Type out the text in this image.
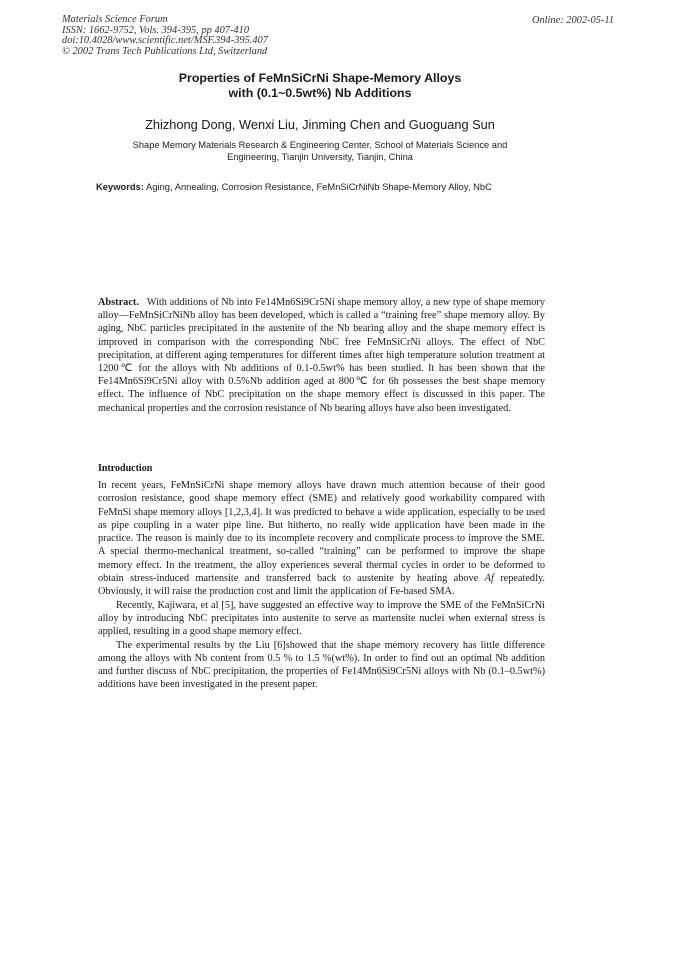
Materials Science Forum
ISSN: 1662-9752, Vols. 394-395, pp 407-410
doi:10.4028/www.scientific.net/MSF.394-395.407
© 2002 Trans Tech Publications Ltd, Switzerland
Online: 2002-05-11
Properties of FeMnSiCrNi Shape-Memory Alloys
with (0.1~0.5wt%) Nb Additions
Zhizhong Dong, Wenxi Liu, Jinming Chen and Guoguang Sun
Shape Memory Materials Research & Engineering Center, School of Materials Science and
Engineering, Tianjin University, Tianjin, China
Keywords: Aging, Annealing, Corrosion Resistance, FeMnSiCrNiNb Shape-Memory Alloy, NbC
Abstract. With additions of Nb into Fe14Mn6Si9Cr5Ni shape memory alloy, a new type of shape memory alloy—FeMnSiCrNiNb alloy has been developed, which is called a “training free” shape memory alloy. By aging, NbC particles precipitated in the austenite of the Nb bearing alloy and the shape memory effect is improved in comparison with the corresponding NbC free FeMnSiCrNi alloys. The effect of NbC precipitation, at different aging temperatures for different times after high temperature solution treatment at 1200℃ for the alloys with Nb additions of 0.1-0.5wt% has been studied. It has been shown that the Fe14Mn6Si9Cr5Ni alloy with 0.5%Nb addition aged at 800℃ for 6h possesses the best shape memory effect. The influence of NbC precipitation on the shape memory effect is discussed in this paper. The mechanical properties and the corrosion resistance of Nb bearing alloys have also been investigated.
Introduction

In recent years, FeMnSiCrNi shape memory alloys have drawn much attention because of their good corrosion resistance, good shape memory effect (SME) and relatively good workability compared with FeMnSi shape memory alloys [1,2,3,4]. It was predicted to behave a wide application, especially to be used as pipe coupling in a water pipe line. But hitherto, no really wide application have been made in the practice. The reason is mainly due to its incomplete recovery and complicate process to improve the SME. A special thermo-mechanical treatment, so-called “training” can be performed to improve the shape memory effect. In the treatment, the alloy experiences several thermal cycles in order to be deformed to obtain stress-induced martensite and transferred back to austenite by heating above Af repeatedly. Obviously, it will raise the production cost and limit the application of Fe-based SMA.

Recently, Kajiwara, et al [5], have suggested an effective way to improve the SME of the FeMnSiCrNi alloy by introducing NbC precipitates into austenite to serve as martensite nuclei when external stress is applied, resulting in a good shape memory effect.

The experimental results by the Liu [6]showed that the shape memory recovery has little difference among the alloys with Nb content from 0.5 % to 1.5 %(wt%). In order to find out an optimal Nb addition and further discuss of NbC precipitation, the properties of Fe14Mn6Si9Cr5Ni alloys with Nb (0.1–0.5wt%) additions have been investigated in the present paper.
